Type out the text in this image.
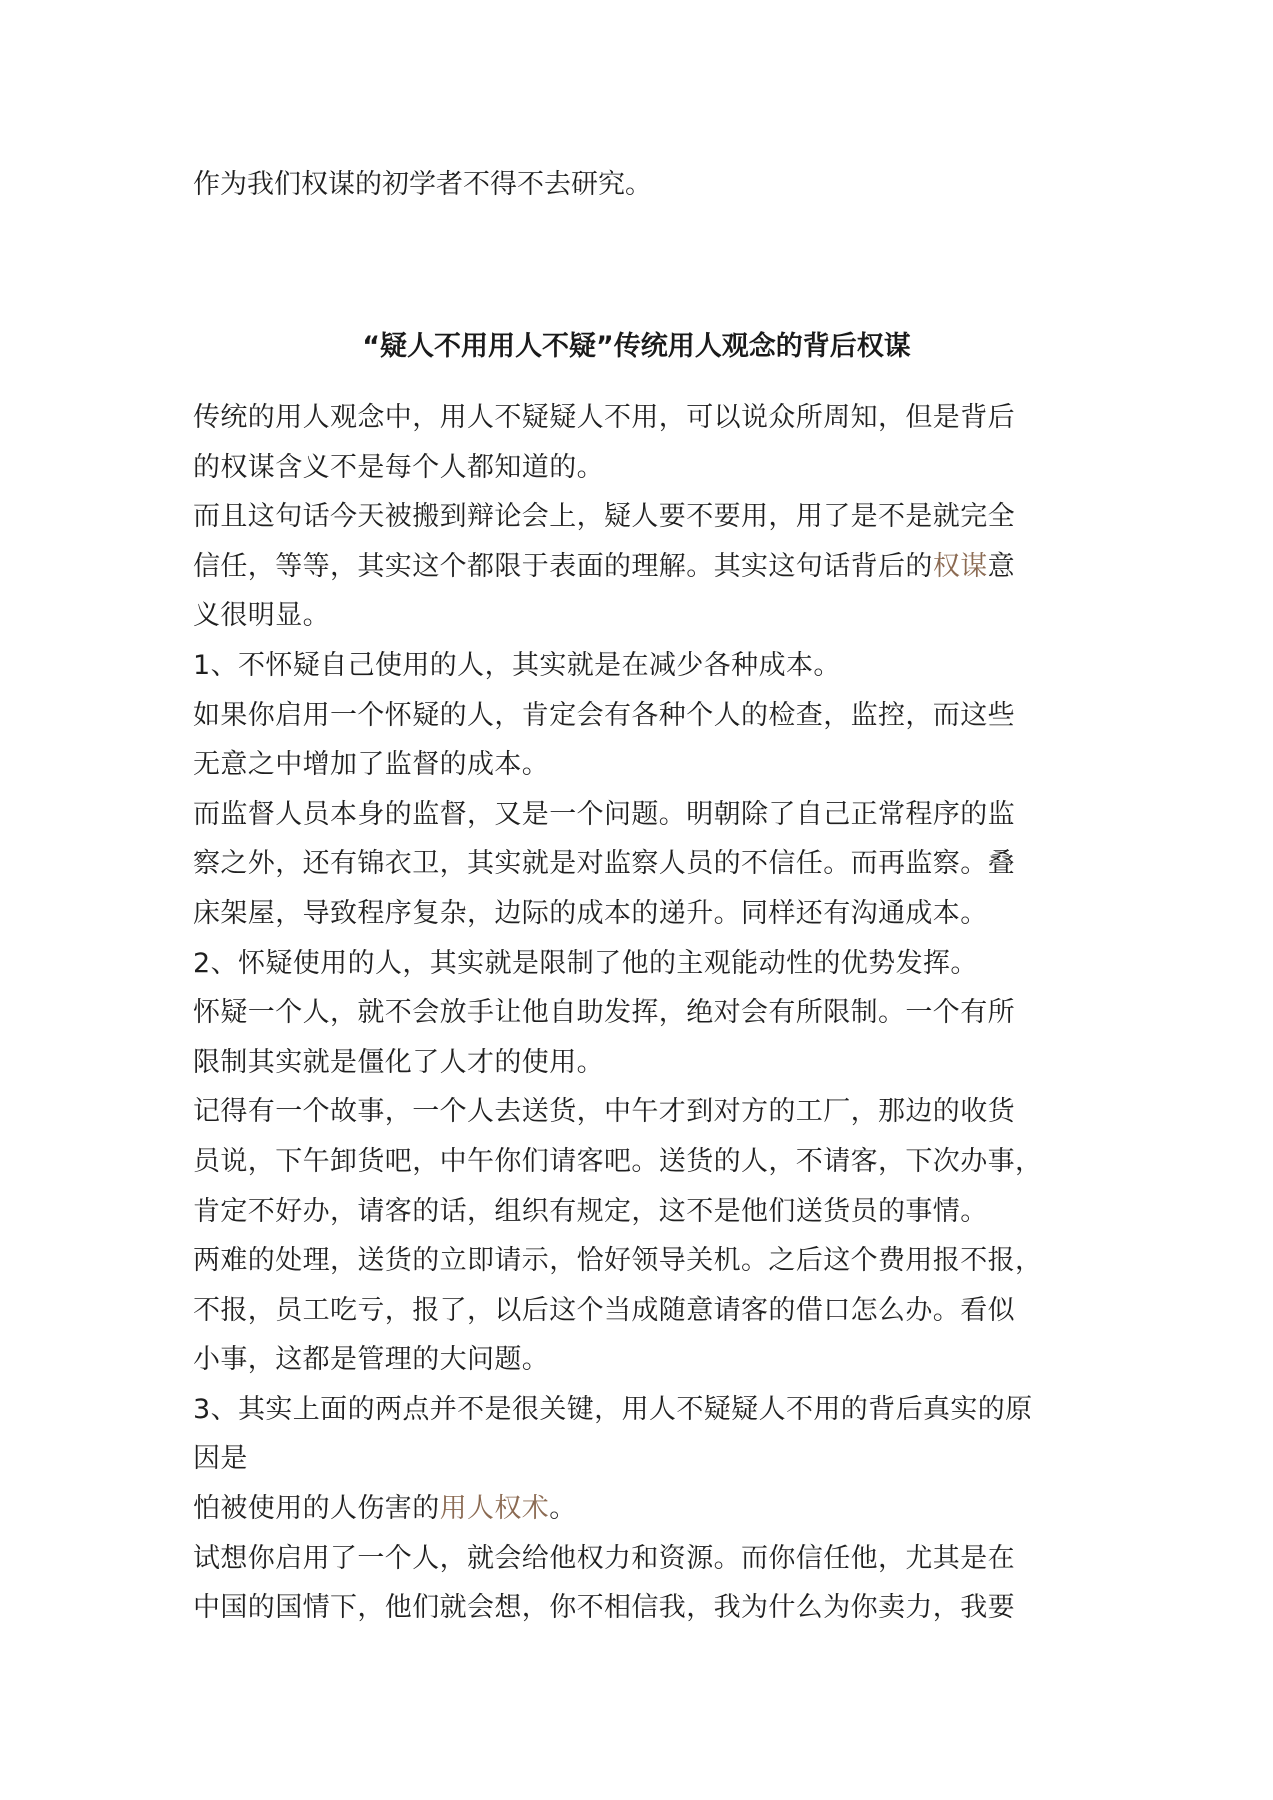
作为我们权谋的初学者不得不去研究。
“疑人不用用人不疑”传统用人观念的背后权谋
传统的用人观念中，用人不疑疑人不用，可以说众所周知，但是背后
的权谋含义不是每个人都知道的。
而且这句话今天被搬到辩论会上，疑人要不要用，用了是不是就完全
信任，等等，其实这个都限于表面的理解。其实这句话背后的权谋意
义很明显。
1、不怀疑自己使用的人，其实就是在减少各种成本。
如果你启用一个怀疑的人，肯定会有各种个人的检查，监控，而这些
无意之中增加了监督的成本。
而监督人员本身的监督，又是一个问题。明朝除了自己正常程序的监
察之外，还有锦衣卫，其实就是对监察人员的不信任。而再监察。叠
床架屋，导致程序复杂，边际的成本的递升。同样还有沟通成本。
2、怀疑使用的人，其实就是限制了他的主观能动性的优势发挥。
怀疑一个人，就不会放手让他自助发挥，绝对会有所限制。一个有所
限制其实就是僵化了人才的使用。
记得有一个故事，一个人去送货，中午才到对方的工厂，那边的收货
员说，下午卸货吧，中午你们请客吧。送货的人，不请客，下次办事，
肯定不好办，请客的话，组织有规定，这不是他们送货员的事情。
两难的处理，送货的立即请示，恰好领导关机。之后这个费用报不报，
不报，员工吃亏，报了，以后这个当成随意请客的借口怎么办。看似
小事，这都是管理的大问题。
3、其实上面的两点并不是很关键，用人不疑疑人不用的背后真实的原
因是
怕被使用的人伤害的用人权术。
试想你启用了一个人，就会给他权力和资源。而你信任他，尤其是在
中国的国情下，他们就会想，你不相信我，我为什么为你卖力，我要
